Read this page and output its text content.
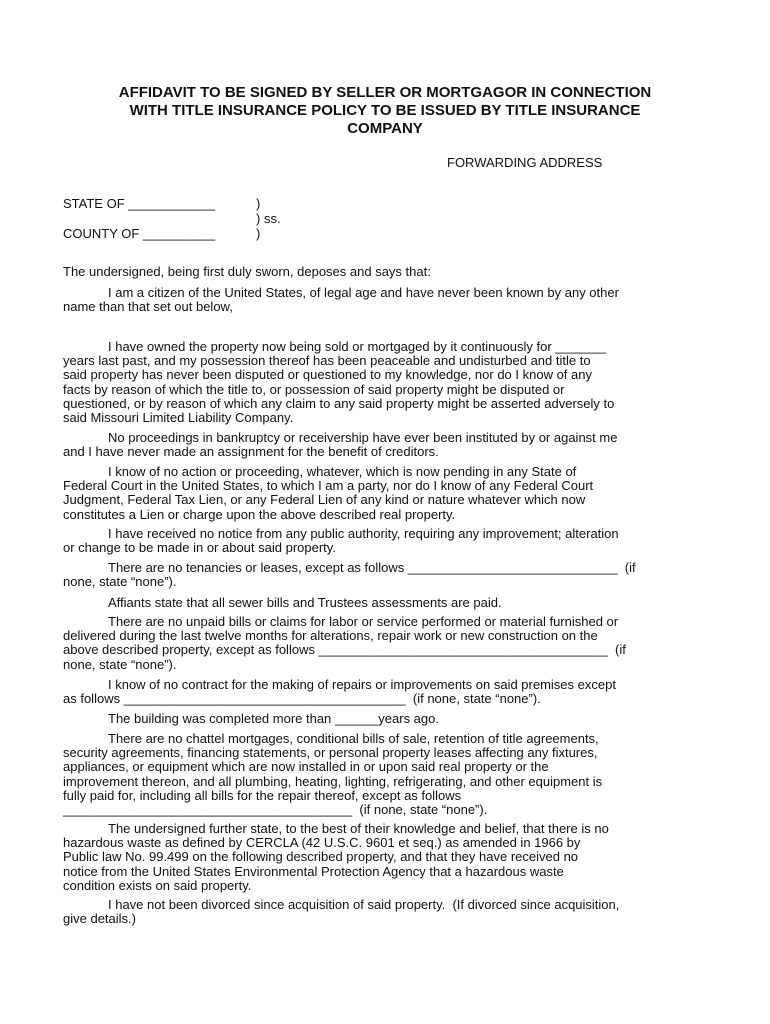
AFFIDAVIT TO BE SIGNED BY SELLER OR MORTGAGOR IN CONNECTION
WITH TITLE INSURANCE POLICY TO BE ISSUED BY TITLE INSURANCE
COMPANY
FORWARDING ADDRESS
STATE OF ____________	)
) ss.
COUNTY OF __________	)
The undersigned, being first duly sworn, deposes and says that:
I am a citizen of the United States, of legal age and have never been known by any other
name than that set out below,
I have owned the property now being sold or mortgaged by it continuously for _______
years last past, and my possession thereof has been peaceable and undisturbed and title to
said property has never been disputed or questioned to my knowledge, nor do I know of any
facts by reason of which the title to, or possession of said property might be disputed or
questioned, or by reason of which any claim to any said property might be asserted adversely to
said Missouri Limited Liability Company.
No proceedings in bankruptcy or receivership have ever been instituted by or against me
and I have never made an assignment for the benefit of creditors.
I know of no action or proceeding, whatever, which is now pending in any State of
Federal Court in the United States, to which I am a party, nor do I know of any Federal Court
Judgment, Federal Tax Lien, or any Federal Lien of any kind or nature whatever which now
constitutes a Lien or charge upon the above described real property.
I have received no notice from any public authority, requiring any improvement; alteration
or change to be made in or about said property.
There are no tenancies or leases, except as follows _____________________________  (if
none, state “none”).
Affiants state that all sewer bills and Trustees assessments are paid.
There are no unpaid bills or claims for labor or service performed or material furnished or
delivered during the last twelve months for alterations, repair work or new construction on the
above described property, except as follows ________________________________________  (if
none, state “none”).
I know of no contract for the making of repairs or improvements on said premises except
as follows _______________________________________  (if none, state “none”).
The building was completed more than ______years ago.
There are no chattel mortgages, conditional bills of sale, retention of title agreements,
security agreements, financing statements, or personal property leases affecting any fixtures,
appliances, or equipment which are now installed in or upon said real property or the
improvement thereon, and all plumbing, heating, lighting, refrigerating, and other equipment is
fully paid for, including all bills for the repair thereof, except as follows
________________________________________  (if none, state “none”).
The undersigned further state, to the best of their knowledge and belief, that there is no
hazardous waste as defined by CERCLA (42 U.S.C. 9601 et seq.) as amended in 1966 by
Public law No. 99.499 on the following described property, and that they have received no
notice from the United States Environmental Protection Agency that a hazardous waste
condition exists on said property.
I have not been divorced since acquisition of said property.  (If divorced since acquisition,
give details.)
